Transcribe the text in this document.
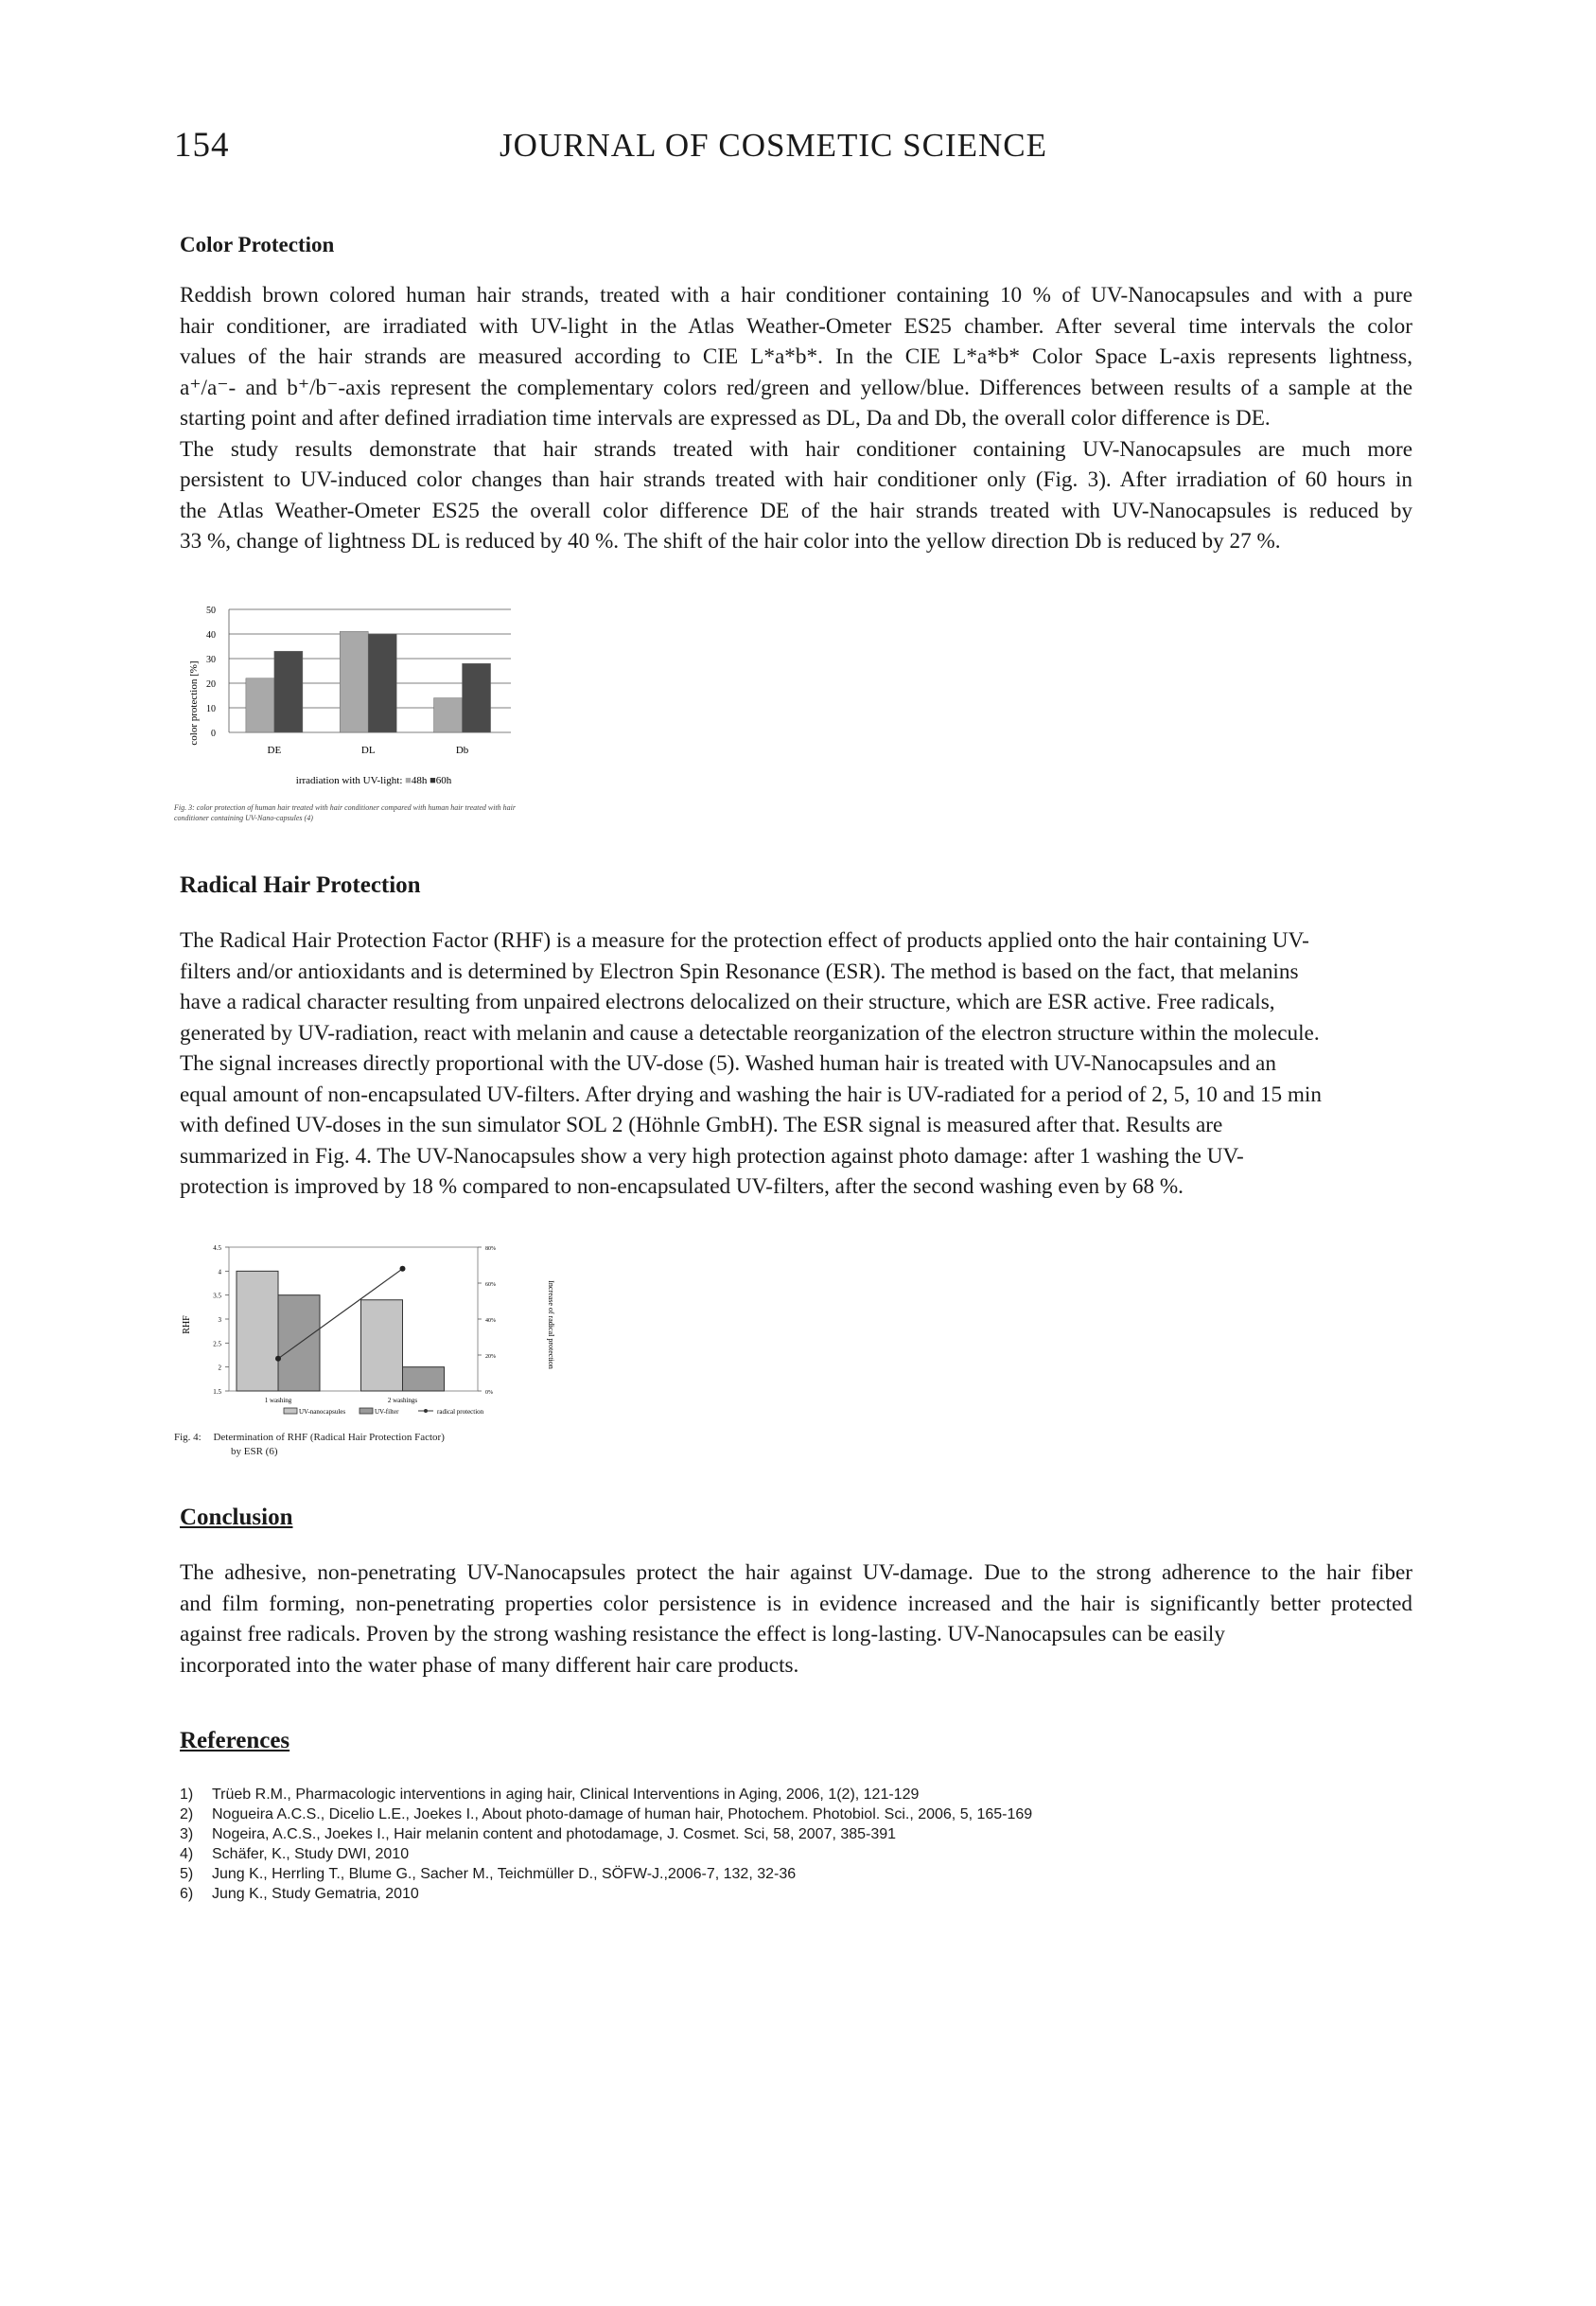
154	JOURNAL OF COSMETIC SCIENCE
Color Protection
Reddish brown colored human hair strands, treated with a hair conditioner containing 10 % of UV-Nanocapsules and with a pure
hair conditioner, are irradiated with UV-light in the Atlas Weather-Ometer ES25 chamber. After several time intervals the color
values of the hair strands are measured according to CIE L*a*b*. In the CIE L*a*b* Color Space L-axis represents lightness,
a⁺/a⁻- and b⁺/b⁻-axis represent the complementary colors red/green and yellow/blue. Differences between results of a sample at the
starting point and after defined irradiation time intervals are expressed as DL, Da and Db, the overall color difference is DE.
The study results demonstrate that hair strands treated with hair conditioner containing UV-Nanocapsules are much more
persistent to UV-induced color changes than hair strands treated with hair conditioner only (Fig. 3). After irradiation of 60 hours in
the Atlas Weather-Ometer ES25 the overall color difference DE of the hair strands treated with UV-Nanocapsules is reduced by
33 %, change of lightness DL is reduced by 40 %. The shift of the hair color into the yellow direction Db is reduced by 27 %.
0
10
20
30
40
50
DE	DL	Db
color protection [%]
irradiation with UV-light: ■48h ■60h
Fig. 3: color protection of human hair treated with hair conditioner compared with human hair treated with hair conditioner containing UV-Nano-capsules (4)
Radical Hair Protection
The Radical Hair Protection Factor (RHF) is a measure for the protection effect of products applied onto the hair containing UV-
filters and/or antioxidants and is determined by Electron Spin Resonance (ESR). The method is based on the fact, that melanins
have a radical character resulting from unpaired electrons delocalized on their structure, which are ESR active. Free radicals,
generated by UV-radiation, react with melanin and cause a detectable reorganization of the electron structure within the molecule.
The signal increases directly proportional with the UV-dose (5). Washed human hair is treated with UV-Nanocapsules and an
equal amount of non-encapsulated UV-filters. After drying and washing the hair is UV-radiated for a period of 2, 5, 10 and 15 min
with defined UV-doses in the sun simulator SOL 2 (Höhnle GmbH). The ESR signal is measured after that. Results are
summarized in Fig. 4. The UV-Nanocapsules show a very high protection against photo damage: after 1 washing the UV-
protection is improved by 18 % compared to non-encapsulated UV-filters, after the second washing even by 68 %.
1.5
2
2.5
3
3.5
4
4.5
0%
20%
40%
60%
80%
1 washing	2 washings
RHF	Increase of radical protection
UV-nanocapsules	UV-filter	radical protection
Fig. 4: Determination of RHF (Radical Hair Protection Factor)
by ESR (6)
Conclusion
The adhesive, non-penetrating UV-Nanocapsules protect the hair against UV-damage. Due to the strong adherence to the hair fiber
and film forming, non-penetrating properties color persistence is in evidence increased and the hair is significantly better protected
against free radicals. Proven by the strong washing resistance the effect is long-lasting. UV-Nanocapsules can be easily
incorporated into the water phase of many different hair care products.
References
1)	Trüeb R.M., Pharmacologic interventions in aging hair, Clinical Interventions in Aging, 2006, 1(2), 121-129
2)	Nogueira A.C.S., Dicelio L.E., Joekes I., About photo-damage of human hair, Photochem. Photobiol. Sci., 2006, 5, 165-169
3)	Nogeira, A.C.S., Joekes I., Hair melanin content and photodamage, J. Cosmet. Sci, 58, 2007, 385-391
4)	Schäfer, K., Study DWI, 2010
5)	Jung K., Herrling T., Blume G., Sacher M., Teichmüller D., SÖFW-J.,2006-7, 132, 32-36
6)	Jung K., Study Gematria, 2010
